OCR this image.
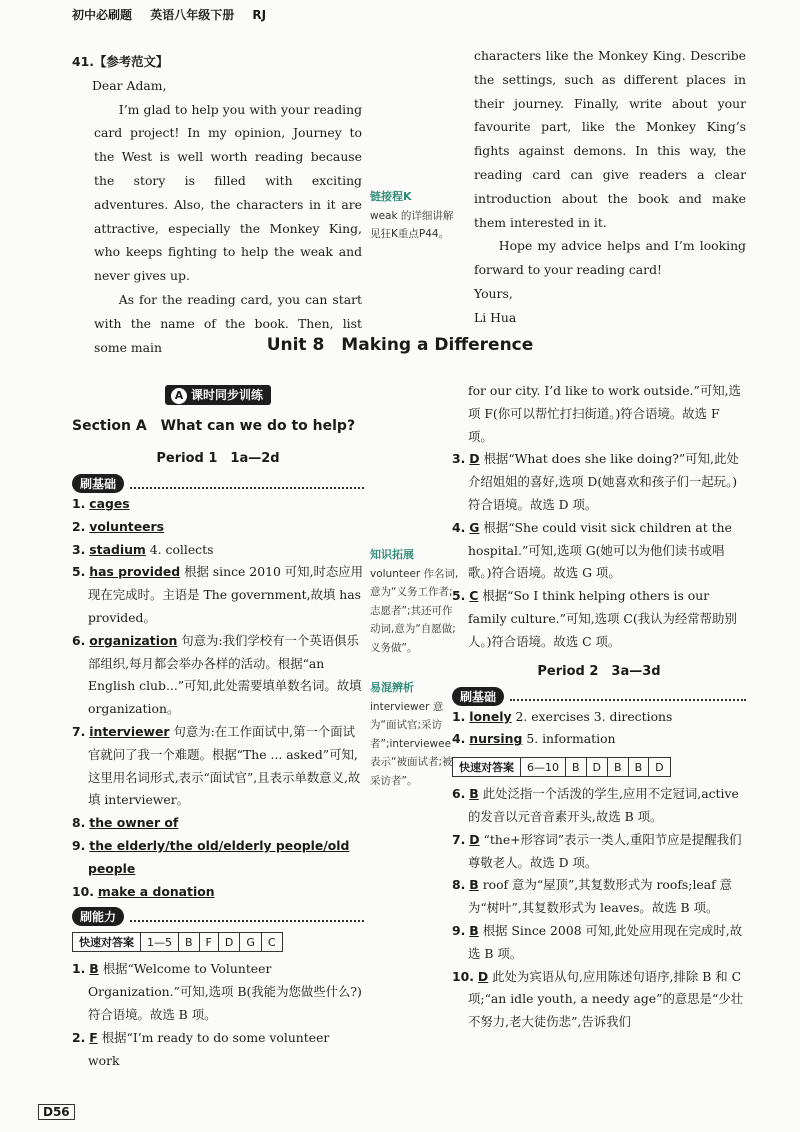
初中必刷题 英语八年级下册 RJ

41.【参考范文】

Dear Adam,

I’m glad to help you with your reading card project! In my opinion, Journey to the West is well worth reading because the story is filled with exciting adventures. Also, the characters in it are attractive, especially the Monkey King, who keeps fighting to help the weak and never gives up.

As for the reading card, you can start with the name of the book. Then, list some main

链接程K
weak 的详细讲解见狂K重点P44。

characters like the Monkey King. Describe the settings, such as different places in their journey. Finally, write about your favourite part, like the Monkey King’s fights against demons. In this way, the reading card can give readers a clear introduction about the book and make them interested in it.

Hope my advice helps and I’m looking forward to your reading card!

Yours,

Li Hua

Unit 8　Making a Difference
A 课时同步训练
Section A　What can we do to help?
Period 1　1a—2d
刷基础

1. cages

2. volunteers

3. stadium 4. collects

5. has provided 根据 since 2010 可知,时态应用现在完成时。主语是 The government,故填 has provided。

6. organization 句意为:我们学校有一个英语俱乐部组织,每月都会举办各样的活动。根据“an English club...”可知,此处需要填单数名词。故填 organization。

7. interviewer 句意为:在工作面试中,第一个面试官就问了我一个难题。根据“The ... asked”可知,这里用名词形式,表示“面试官”,且表示单数意义,故填 interviewer。

8. the owner of

9. the elderly/the old/elderly people/old people

10. make a donation

刷能力
快速对答案	1—5	B	F	D	G	C

1. B 根据“Welcome to Volunteer Organization.”可知,选项 B(我能为您做些什么?)符合语境。故选 B 项。

2. F 根据“I’m ready to do some volunteer work

知识拓展
volunteer 作名词,意为“义务工作者;志愿者”;其还可作动词,意为“自愿做;义务做”。
易混辨析
interviewer 意为“面试官;采访者”;interviewee 表示“被面试者;被采访者”。

for our city. I’d like to work outside.”可知,选项 F(你可以帮忙打扫街道。)符合语境。故选 F 项。

3. D 根据“What does she like doing?”可知,此处介绍姐姐的喜好,选项 D(她喜欢和孩子们一起玩。)符合语境。故选 D 项。

4. G 根据“She could visit sick children at the hospital.”可知,选项 G(她可以为他们读书或唱歌。)符合语境。故选 G 项。

5. C 根据“So I think helping others is our family culture.”可知,选项 C(我认为经常帮助别人。)符合语境。故选 C 项。

Period 2　3a—3d
刷基础

1. lonely 2. exercises 3. directions

4. nursing 5. information

快速对答案	6—10	B	D	B	B	D

6. B 此处泛指一个活泼的学生,应用不定冠词,active 的发音以元音音素开头,故选 B 项。

7. D “the+形容词”表示一类人,重阳节应是提醒我们尊敬老人。故选 D 项。

8. B roof 意为“屋顶”,其复数形式为 roofs;leaf 意为“树叶”,其复数形式为 leaves。故选 B 项。

9. B 根据 Since 2008 可知,此处应用现在完成时,故选 B 项。

10. D 此处为宾语从句,应用陈述句语序,排除 B 和 C 项;“an idle youth, a needy age”的意思是“少壮不努力,老大徒伤悲”,告诉我们

D56
